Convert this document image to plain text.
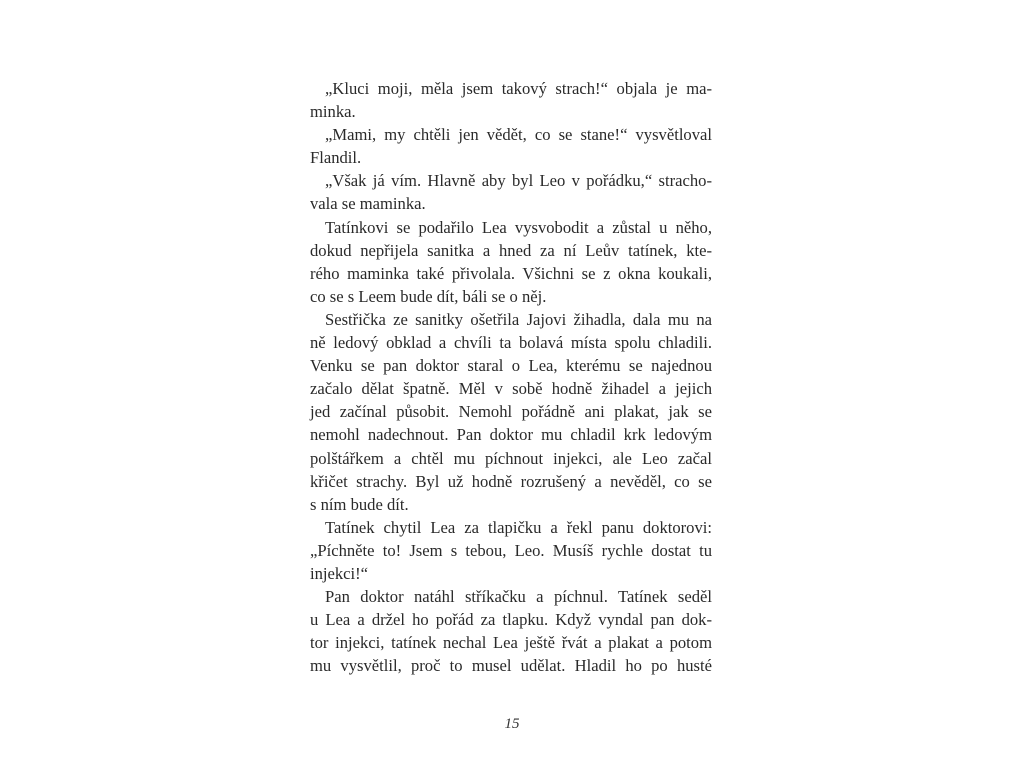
„Kluci moji, měla jsem takový strach!“ objala je ma-
minka.
„Mami, my chtěli jen vědět, co se stane!“ vysvětloval
Flandil.
„Však já vím. Hlavně aby byl Leo v pořádku,“ stracho-
vala se maminka.
Tatínkovi se podařilo Lea vysvobodit a zůstal u něho,
dokud nepřijela sanitka a hned za ní Leův tatínek, kte-
rého maminka také přivolala. Všichni se z okna koukali,
co se s Leem bude dít, báli se o něj.
Sestřička ze sanitky ošetřila Jajovi žihadla, dala mu na
ně ledový obklad a chvíli ta bolavá místa spolu chladili.
Venku se pan doktor staral o Lea, kterému se najednou
začalo dělat špatně. Měl v sobě hodně žihadel a jejich
jed začínal působit. Nemohl pořádně ani plakat, jak se
nemohl nadechnout. Pan doktor mu chladil krk ledovým
polštářkem a chtěl mu píchnout injekci, ale Leo začal
křičet strachy. Byl už hodně rozrušený a nevěděl, co se
s ním bude dít.
Tatínek chytil Lea za tlapičku a řekl panu doktorovi:
„Píchněte to! Jsem s tebou, Leo. Musíš rychle dostat tu
injekci!“
Pan doktor natáhl stříkačku a píchnul. Tatínek seděl
u Lea a držel ho pořád za tlapku. Když vyndal pan dok-
tor injekci, tatínek nechal Lea ještě řvát a plakat a potom
mu vysvětlil, proč to musel udělat. Hladil ho po husté
15
